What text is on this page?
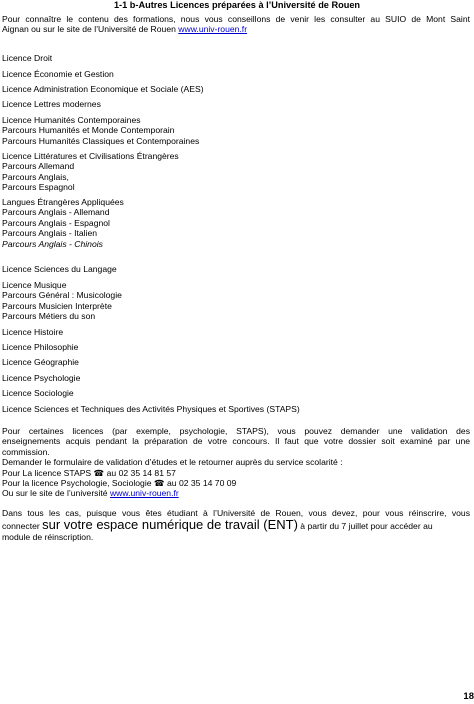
1-1 b-Autres Licences préparées à l’Université de Rouen
Pour connaître le contenu des formations, nous vous conseillons de venir les consulter au SUIO de Mont Saint
Aignan ou sur le site de l’Université de Rouen www.univ-rouen.fr
Licence Droit
Licence Économie et Gestion
Licence Administration Economique et Sociale (AES)
Licence Lettres modernes
Licence Humanités Contemporaines
Parcours Humanités et Monde Contemporain
Parcours Humanités Classiques et Contemporaines
Licence Littératures et Civilisations Étrangères
Parcours Allemand
Parcours Anglais,
Parcours Espagnol
Langues Étrangères Appliquées
Parcours Anglais - Allemand
Parcours Anglais - Espagnol
Parcours Anglais - Italien
Parcours Anglais - Chinois
Licence Sciences du Langage
Licence Musique
Parcours Général : Musicologie
Parcours Musicien Interprète
Parcours Métiers du son
Licence Histoire
Licence Philosophie
Licence Géographie
Licence Psychologie
Licence Sociologie
Licence Sciences et Techniques des Activités Physiques et Sportives (STAPS)
Pour certaines licences (par exemple, psychologie, STAPS), vous pouvez demander une validation des
enseignements acquis pendant la préparation de votre concours. Il faut que votre dossier soit examiné par une
commission.
Demander le formulaire de validation d’études et le retourner auprès du service scolarité :
Pour La licence STAPS ☎ au 02 35 14 81 57
Pour la licence Psychologie, Sociologie ☎ au 02 35 14 70 09
Ou sur le site de l’université www.univ-rouen.fr
Dans tous les cas, puisque vous êtes étudiant à l’Université de Rouen, vous devez, pour vous réinscrire, vous
connecter sur votre espace numérique de travail (ENT) à partir du 7 juillet pour accéder au
module de réinscription.
18
